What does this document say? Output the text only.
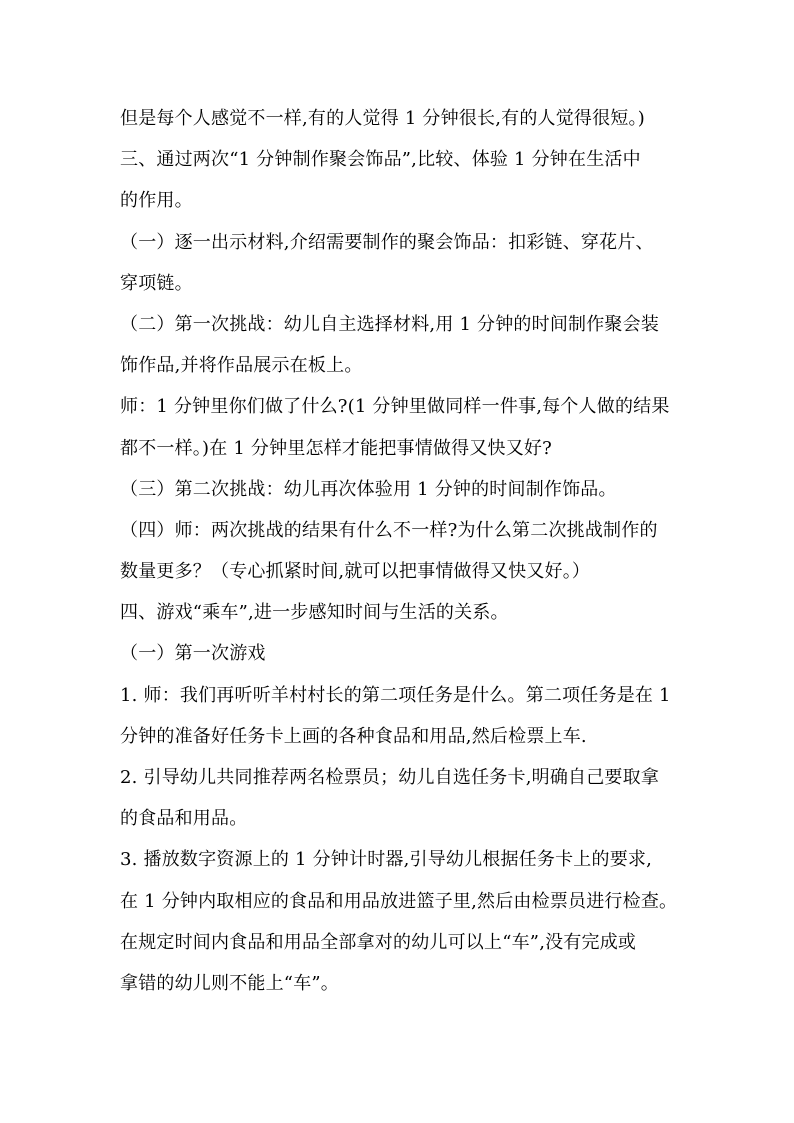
但是每个人感觉不一样,有的人觉得 1 分钟很长,有的人觉得很短。)
三、通过两次“1 分钟制作聚会饰品”,比较、体验 1 分钟在生活中
的作用。
（一）逐一出示材料,介绍需要制作的聚会饰品：扣彩链、穿花片、
穿项链。
（二）第一次挑战：幼儿自主选择材料,用 1 分钟的时间制作聚会装
饰作品,并将作品展示在板上。
师：1 分钟里你们做了什么?(1 分钟里做同样一件事,每个人做的结果
都不一样。)在 1 分钟里怎样才能把事情做得又快又好?
（三）第二次挑战：幼儿再次体验用 1 分钟的时间制作饰品。
（四）师：两次挑战的结果有什么不一样?为什么第二次挑战制作的
数量更多？（专心抓紧时间,就可以把事情做得又快又好。）
四、游戏“乘车”,进一步感知时间与生活的关系。
（一）第一次游戏
1. 师：我们再听听羊村村长的第二项任务是什么。第二项任务是在 1
分钟的准备好任务卡上画的各种食品和用品,然后检票上车.
2. 引导幼儿共同推荐两名检票员；幼儿自选任务卡,明确自己要取拿
的食品和用品。
3. 播放数字资源上的 1 分钟计时器,引导幼儿根据任务卡上的要求,
在 1 分钟内取相应的食品和用品放进篮子里,然后由检票员进行检查。
在规定时间内食品和用品全部拿对的幼儿可以上“车”,没有完成或
拿错的幼儿则不能上“车”。
